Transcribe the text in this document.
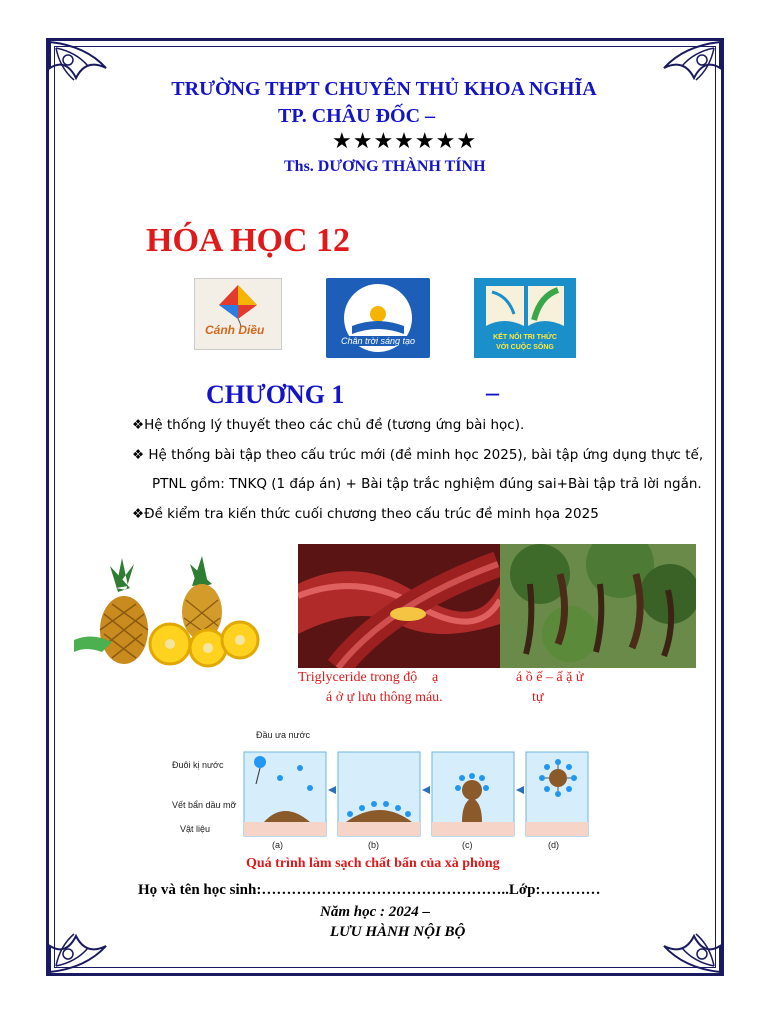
TRƯỜNG THPT CHUYÊN THỦ KHOA NGHĨA
TP. CHÂU ĐỐC –
★★★★★★★
Ths. DƯƠNG THÀNH TÍNH
HÓA HỌC 12
Cánh Diều
Chân trời sáng tạo	KẾT NỐI TRI THỨC
VỚI CUỘC SỐNG
CHƯƠNG 1	–
❖Hệ thống lý thuyết theo các chủ đề (tương ứng bài học).
❖ Hệ thống bài tập theo cấu trúc mới (đề minh học 2025), bài tập ứng dụng thực tế,
PTNL gồm: TNKQ (1 đáp án) + Bài tập trắc nghiệm đúng sai+Bài tập trả lời ngắn.
❖Đề kiểm tra kiến thức cuối chương theo cấu trúc đề minh họa 2025
Triglyceride trong độ ạ	á ồ ế – ấ ặ ử
á ở ự lưu thông máu.	tự
Đầu ưa nước
Đuôi kị nước
Vết bẩn dầu mỡ
Vật liệu
(a)	(b)	(c)	(d)
Quá trình làm sạch chất bẩn của xà phòng
Họ và tên học sinh:…………………………………………..Lớp:…………
Năm học : 2024 –
LƯU HÀNH NỘI BỘ
